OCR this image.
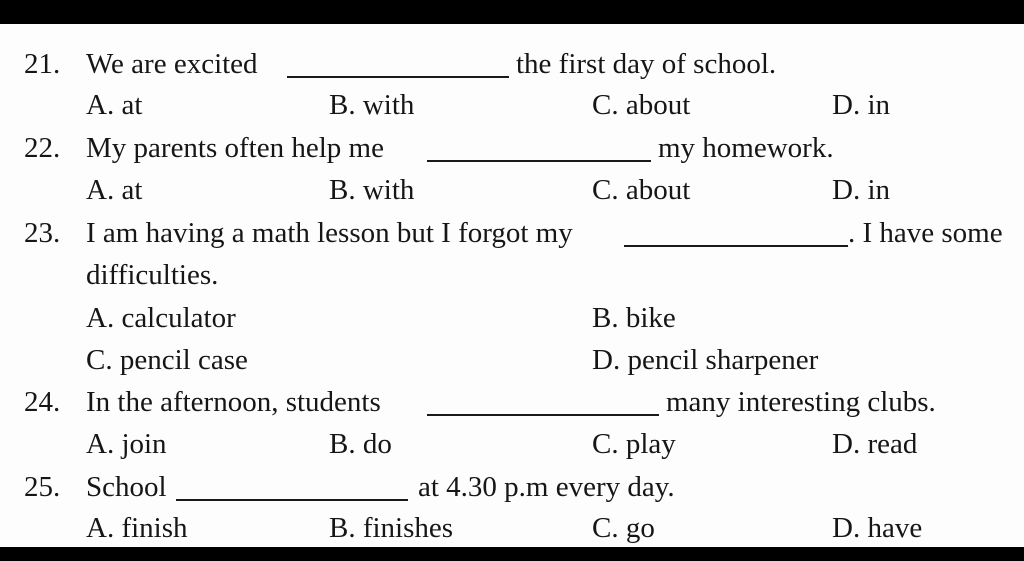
21. We are excited	the first day of school.
A. at	B. with	C. about	D. in
22. My parents often help me	my homework.
A. at	B. with	C. about	D. in
23. I am having a math lesson but I forgot my	. I have some
difficulties.
A. calculator	B. bike
C. pencil case	D. pencil sharpener
24. In the afternoon, students	many interesting clubs.
A. join	B. do	C. play	D. read
25. School	at 4.30 p.m every day.
A. finish	B. finishes	C. go	D. have
